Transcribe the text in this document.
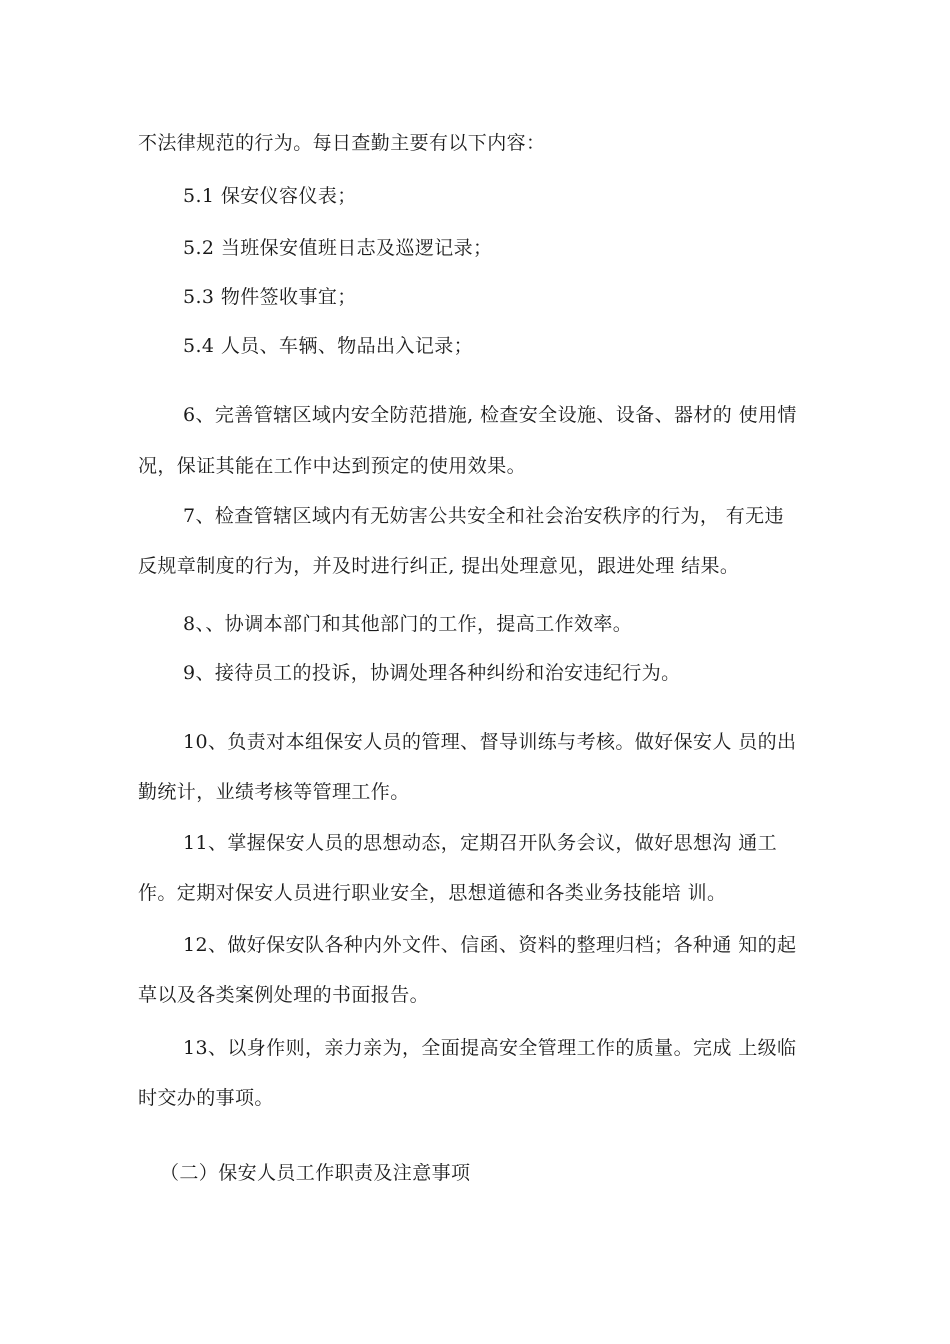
不法律规范的行为。每日查勤主要有以下内容：
5.1 保安仪容仪表；
5.2 当班保安值班日志及巡逻记录；
5.3 物件签收事宜；
5.4 人员、车辆、物品出入记录；
6、完善管辖区域内安全防范措施, 检查安全设施、设备、器材的 使用情
况，保证其能在工作中达到预定的使用效果。
7、检查管辖区域内有无妨害公共安全和社会治安秩序的行为， 有无违
反规章制度的行为，并及时进行纠正, 提出处理意见，跟进处理 结果。
8、、协调本部门和其他部门的工作，提高工作效率。
9、接待员工的投诉，协调处理各种纠纷和治安违纪行为。
10、负责对本组保安人员的管理、督导训练与考核。做好保安人 员的出
勤统计，业绩考核等管理工作。
11、掌握保安人员的思想动态，定期召开队务会议，做好思想沟 通工
作。定期对保安人员进行职业安全，思想道德和各类业务技能培 训。
12、做好保安队各种内外文件、信函、资料的整理归档；各种通 知的起
草以及各类案例处理的书面报告。
13、以身作则，亲力亲为，全面提高安全管理工作的质量。完成 上级临
时交办的事项。
（二）保安人员工作职责及注意事项
